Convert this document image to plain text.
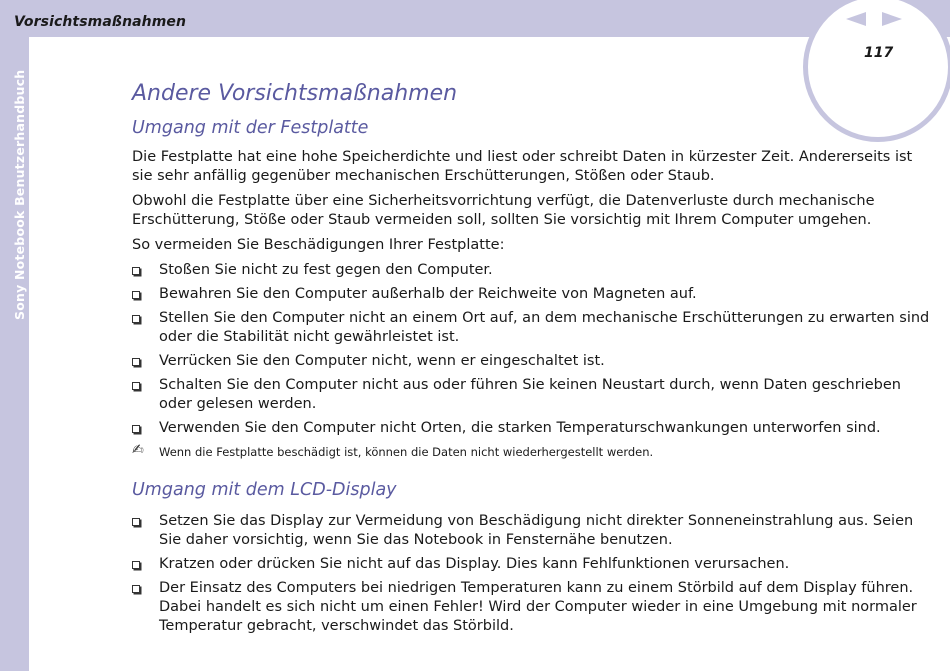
Sony Notebook Benutzerhandbuch
Vorsichtsmaßnahmen
117
Andere Vorsichtsmaßnahmen
Umgang mit der Festplatte

Die Festplatte hat eine hohe Speicherdichte und liest oder schreibt Daten in kürzester Zeit. Andererseits ist sie sehr anfällig gegenüber mechanischen Erschütterungen, Stößen oder Staub.

Obwohl die Festplatte über eine Sicherheitsvorrichtung verfügt, die Datenverluste durch mechanische Erschütterung, Stöße oder Staub vermeiden soll, sollten Sie vorsichtig mit Ihrem Computer umgehen.

So vermeiden Sie Beschädigungen Ihrer Festplatte:

Stoßen Sie nicht zu fest gegen den Computer.
Bewahren Sie den Computer außerhalb der Reichweite von Magneten auf.
Stellen Sie den Computer nicht an einem Ort auf, an dem mechanische Erschütterungen zu erwarten sind oder die Stabilität nicht gewährleistet ist.
Verrücken Sie den Computer nicht, wenn er eingeschaltet ist.
Schalten Sie den Computer nicht aus oder führen Sie keinen Neustart durch, wenn Daten geschrieben oder gelesen werden.
Verwenden Sie den Computer nicht Orten, die starken Temperaturschwankungen unterworfen sind.
✍ Wenn die Festplatte beschädigt ist, können die Daten nicht wiederhergestellt werden.
Umgang mit dem LCD-Display
Setzen Sie das Display zur Vermeidung von Beschädigung nicht direkter Sonneneinstrahlung aus. Seien Sie daher vorsichtig, wenn Sie das Notebook in Fensternähe benutzen.
Kratzen oder drücken Sie nicht auf das Display. Dies kann Fehlfunktionen verursachen.
Der Einsatz des Computers bei niedrigen Temperaturen kann zu einem Störbild auf dem Display führen. Dabei handelt es sich nicht um einen Fehler! Wird der Computer wieder in eine Umgebung mit normaler Temperatur gebracht, verschwindet das Störbild.
